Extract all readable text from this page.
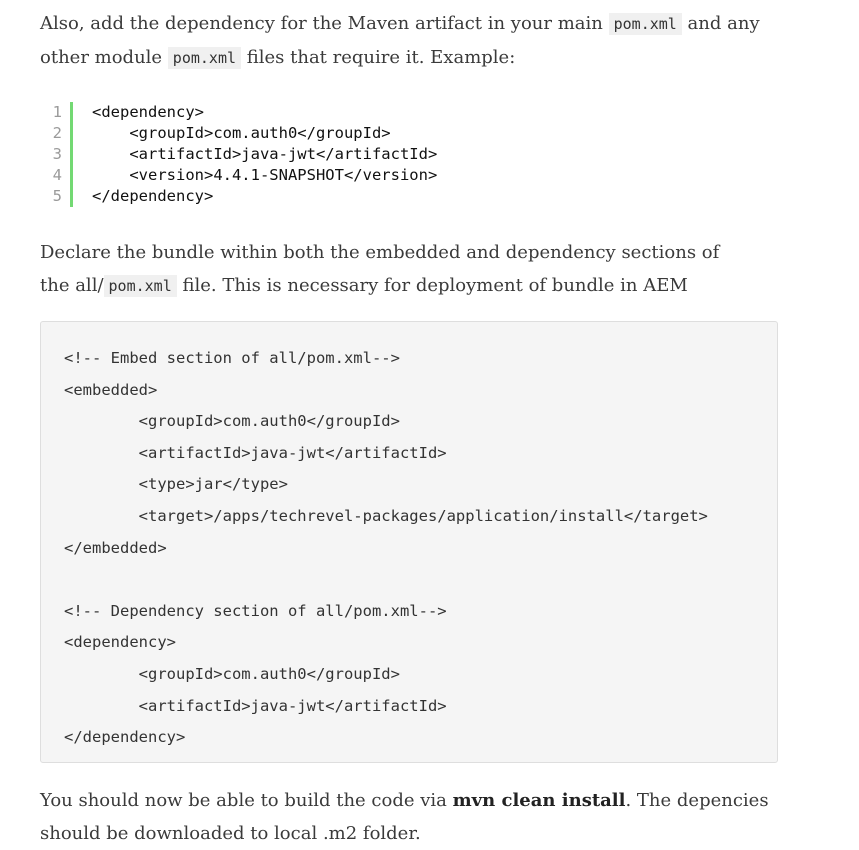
Also, add the dependency for the Maven artifact in your main pom.xml and any other module pom.xml files that require it. Example:

1	<dependency>
2	<groupId>com.auth0</groupId>
3	<artifactId>java-jwt</artifactId>
4	<version>4.4.1-SNAPSHOT</version>
5	</dependency>

Declare the bundle within both the embedded and dependency sections of the all/ pom.xml file. This is necessary for deployment of bundle in AEM

<!-- Embed section of all/pom.xml-->
<embedded>
<groupId>com.auth0</groupId>
<artifactId>java-jwt</artifactId>
<type>jar</type>
<target>/apps/techrevel-packages/application/install</target>
</embedded>
<!-- Dependency section of all/pom.xml-->
<dependency>
<groupId>com.auth0</groupId>
<artifactId>java-jwt</artifactId>
</dependency>

You should now be able to build the code via mvn clean install. The depencies should be downloaded to local .m2 folder.
